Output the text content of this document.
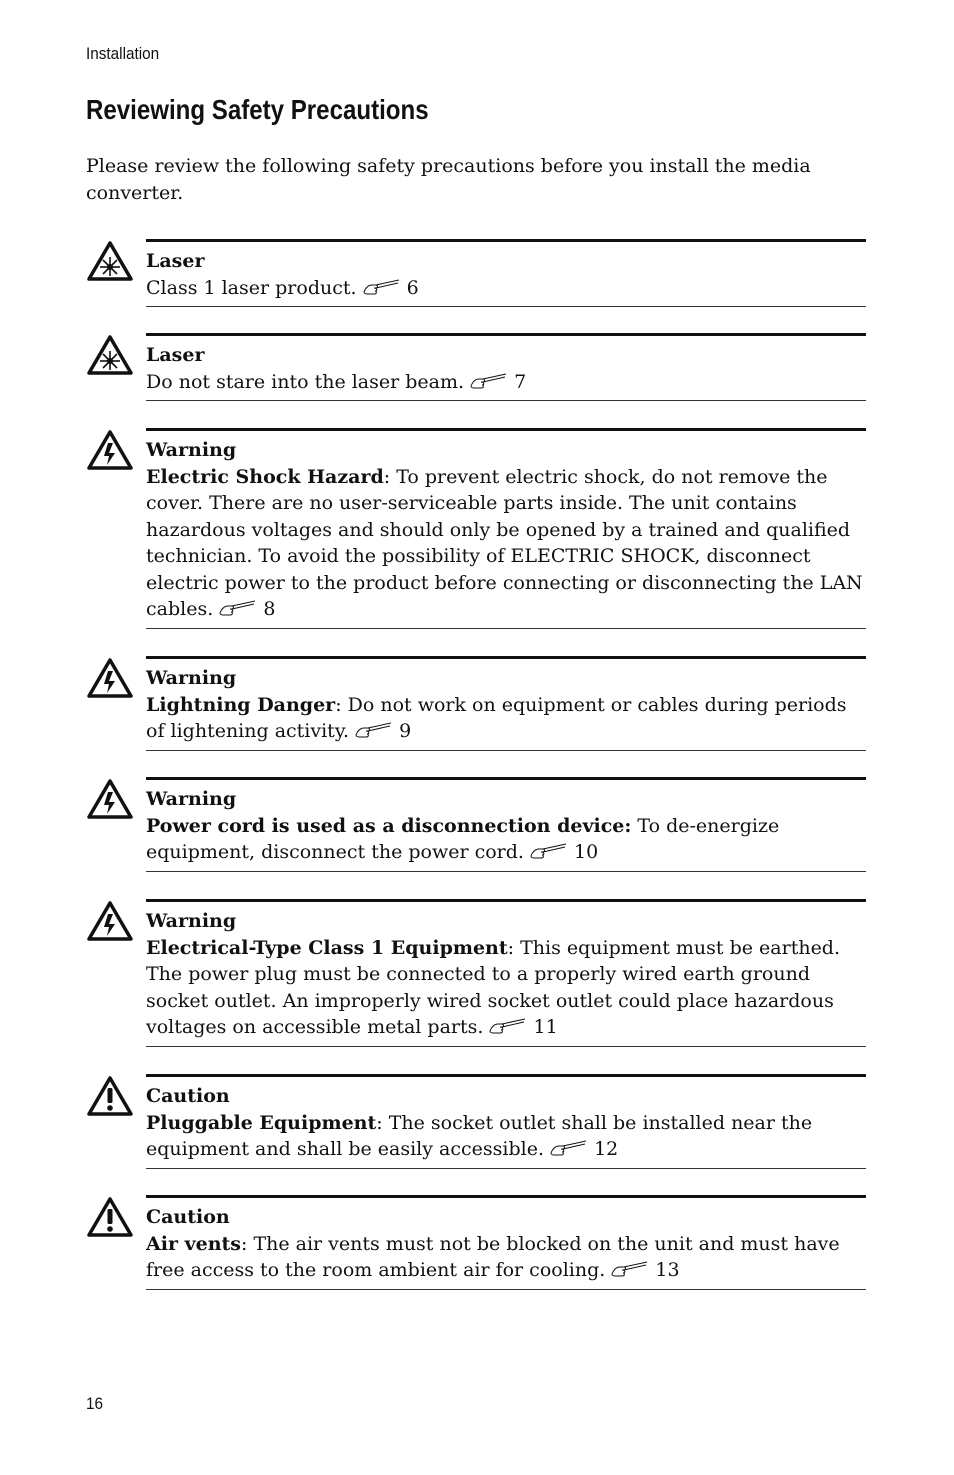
Installation
Reviewing Safety Precautions

Please review the following safety precautions before you install the media converter.

Laser
Class 1 laser product.	6
Laser
Do not stare into the laser beam.	7
Warning
Electric Shock Hazard: To prevent electric shock, do not remove the cover. There are no user-serviceable parts inside. The unit contains hazardous voltages and should only be opened by a trained and qualified technician. To avoid the possibility of ELECTRIC SHOCK, disconnect electric power to the product before connecting or disconnecting the LAN cables.	8
Warning
Lightning Danger: Do not work on equipment or cables during periods of lightening activity.	9
Warning
Power cord is used as a disconnection device: To de-energize equipment, disconnect the power cord.	10
Warning
Electrical-Type Class 1 Equipment: This equipment must be earthed. The power plug must be connected to a properly wired earth ground socket outlet. An improperly wired socket outlet could place hazardous voltages on accessible metal parts.	11
Caution
Pluggable Equipment: The socket outlet shall be installed near the equipment and shall be easily accessible.	12
Caution
Air vents: The air vents must not be blocked on the unit and must have free access to the room ambient air for cooling.	13
16
